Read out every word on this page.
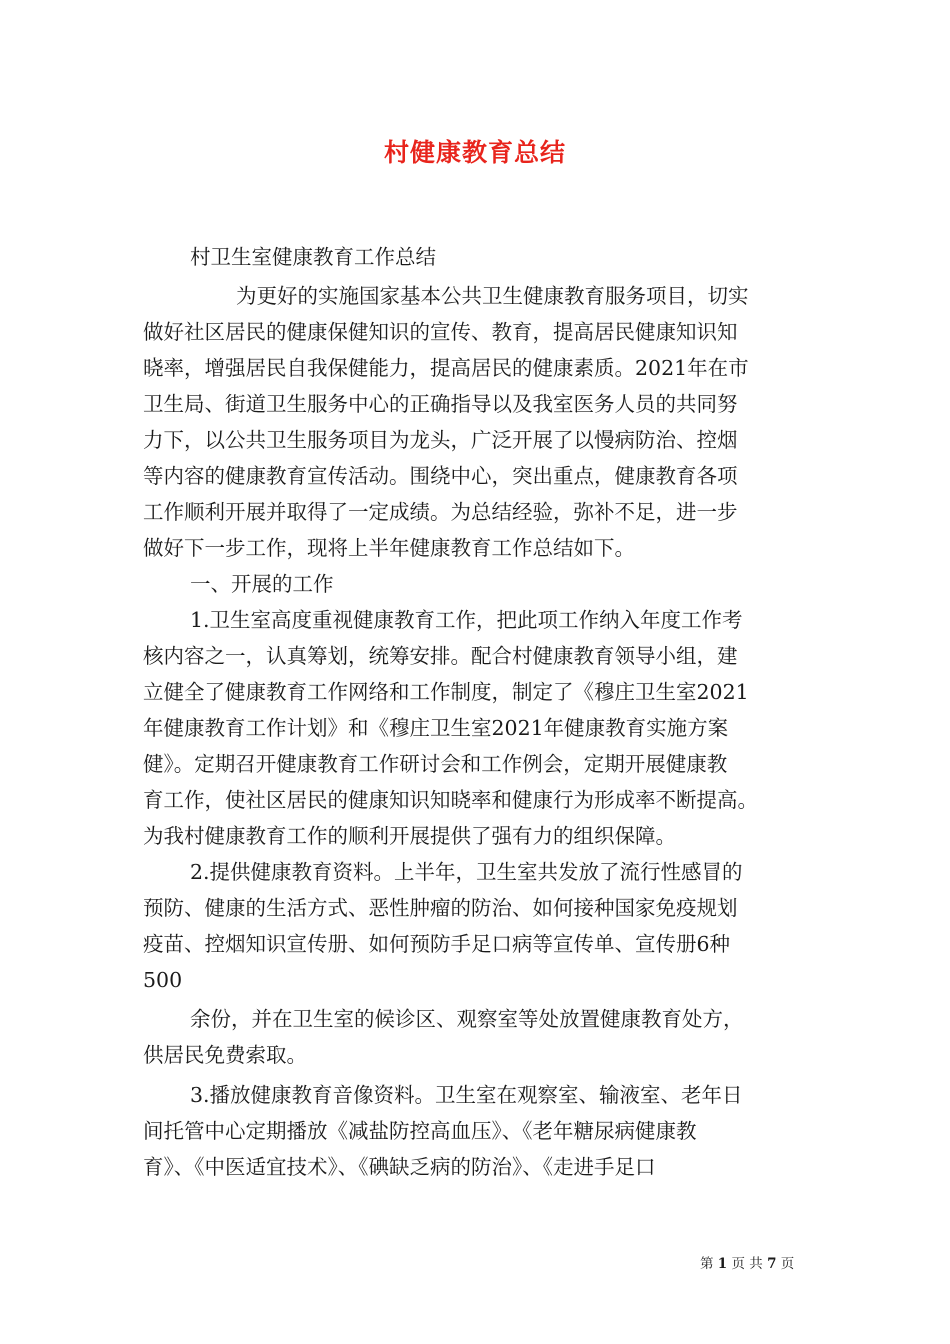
村健康教育总结
村卫生室健康教育工作总结
为更好的实施国家基本公共卫生健康教育服务项目，切实
做好社区居民的健康保健知识的宣传、教育，提高居民健康知识知
晓率，增强居民自我保健能力，提高居民的健康素质。2021年在市
卫生局、街道卫生服务中心的正确指导以及我室医务人员的共同努
力下，以公共卫生服务项目为龙头，广泛开展了以慢病防治、控烟
等内容的健康教育宣传活动。围绕中心，突出重点，健康教育各项
工作顺利开展并取得了一定成绩。为总结经验，弥补不足，进一步
做好下一步工作，现将上半年健康教育工作总结如下。
一、开展的工作
1.卫生室高度重视健康教育工作，把此项工作纳入年度工作考
核内容之一，认真筹划，统筹安排。配合村健康教育领导小组，建
立健全了健康教育工作网络和工作制度，制定了《穆庄卫生室2021
年健康教育工作计划》和《穆庄卫生室2021年健康教育实施方案
健》。定期召开健康教育工作研讨会和工作例会，定期开展健康教
育工作，使社区居民的健康知识知晓率和健康行为形成率不断提高。
为我村健康教育工作的顺利开展提供了强有力的组织保障。
2.提供健康教育资料。上半年，卫生室共发放了流行性感冒的
预防、健康的生活方式、恶性肿瘤的防治、如何接种国家免疫规划
疫苗、控烟知识宣传册、如何预防手足口病等宣传单、宣传册6种
500
余份，并在卫生室的候诊区、观察室等处放置健康教育处方，
供居民免费索取。
3.播放健康教育音像资料。卫生室在观察室、输液室、老年日
间托管中心定期播放《减盐防控高血压》、《老年糖尿病健康教
育》、《中医适宜技术》、《碘缺乏病的防治》、《走进手足口
第 1 页 共 7 页
